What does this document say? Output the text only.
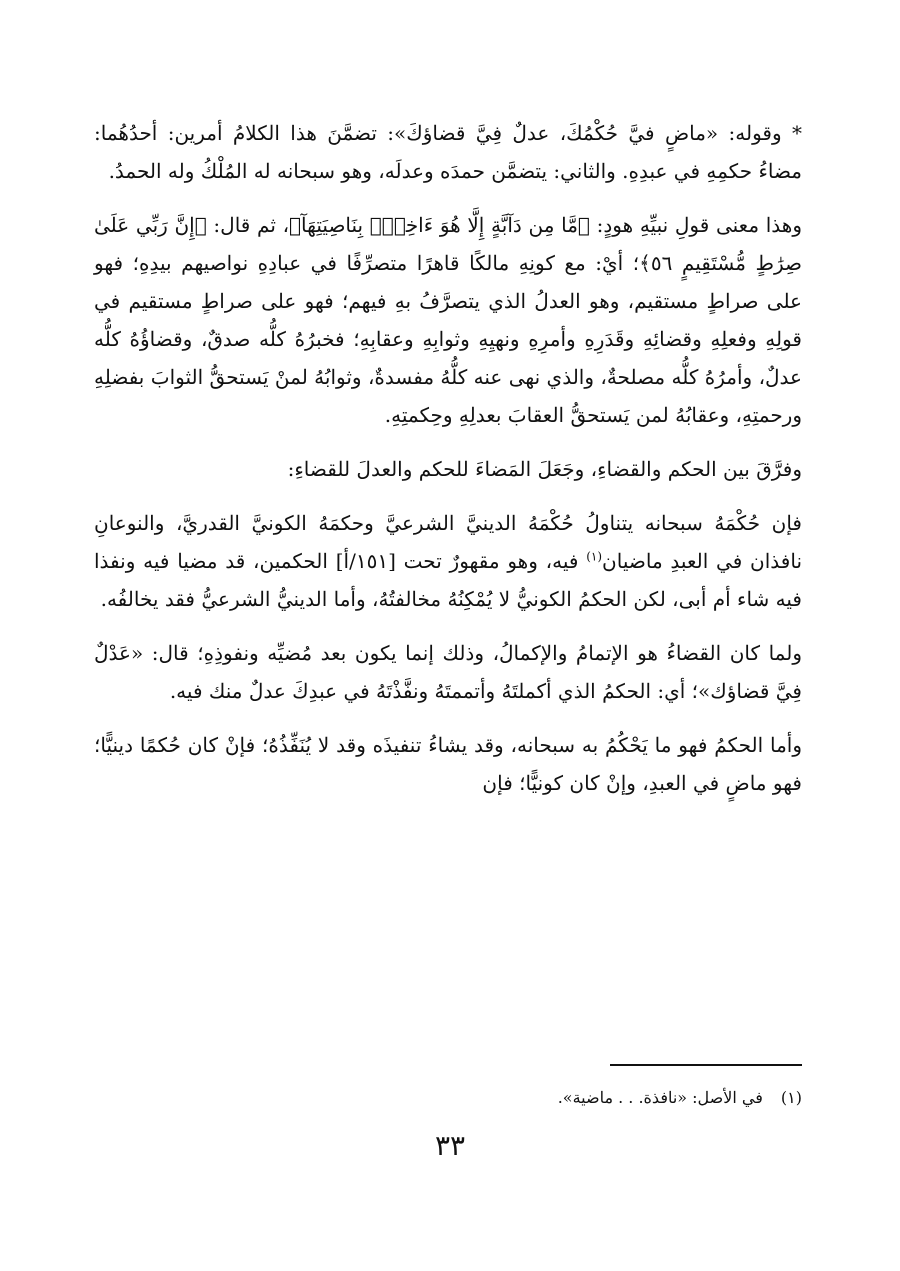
* وقوله: «ماضٍ فيَّ حُكْمُكَ، عدلٌ فِيَّ قضاؤكَ»: تضمَّنَ هذا الكلامُ أمرين: أحدُهُما: مضاءُ حكمِهِ في عبدِهِ. والثاني: يتضمَّن حمدَه وعدلَه، وهو سبحانه له المُلْكُ وله الحمدُ.

وهذا معنى قولِ نبيِّهِ هودٍ: ﴿مَّا مِن دَآبَّةٍ إِلَّا هُوَ ءَاخِذُۢ بِنَاصِيَتِهَآ﴾، ثم قال: ﴿إِنَّ رَبِّي عَلَىٰ صِرَٰطٍ مُّسْتَقِيمٍ ٥٦﴾؛ أيْ: مع كونِهِ مالكًا قاهرًا متصرِّفًا في عبادِهِ نواصيهم بيدِهِ؛ فهو على صراطٍ مستقيم، وهو العدلُ الذي يتصرَّفُ بهِ فيهم؛ فهو على صراطٍ مستقيم في قولِهِ وفعلِهِ وقضائِهِ وقَدَرِهِ وأمرِهِ ونهيِهِ وثوابِهِ وعقابِهِ؛ فخبرُهُ كلُّه صدقٌ، وقضاؤُهُ كلُّه عدلٌ، وأمرُهُ كلُّه مصلحةٌ، والذي نهى عنه كلُّهُ مفسدةٌ، وثوابُهُ لمنْ يَستحقُّ الثوابَ بفضلِهِ ورحمتِهِ، وعقابُهُ لمن يَستحقُّ العقابَ بعدلِهِ وحِكمتِهِ.

وفرَّقَ بين الحكم والقضاءِ، وجَعَلَ المَضاءَ للحكم والعدلَ للقضاءِ:

فإن حُكْمَهُ سبحانه يتناولُ حُكْمَهُ الدينيَّ الشرعيَّ وحكمَهُ الكونيَّ القدريَّ، والنوعانِ نافذان في العبدِ ماضيان$^{(١)}$ فيه، وهو مقهورٌ تحت [١٥١/أ] الحكمين، قد مضيا فيه ونفذا فيه شاء أم أبى، لكن الحكمُ الكونيُّ لا يُمْكِنُهُ مخالفتُهُ، وأما الدينيُّ الشرعيُّ فقد يخالفُه.

ولما كان القضاءُ هو الإتمامُ والإكمالُ، وذلك إنما يكون بعد مُضيِّه ونفوذِهِ؛ قال: «عَدْلٌ فِيَّ قضاؤك»؛ أي: الحكمُ الذي أكملتَهُ وأتممتَهُ ونفَّذْتَهُ في عبدِكَ عدلٌ منك فيه.

وأما الحكمُ فهو ما يَحْكُمُ به سبحانه، وقد يشاءُ تنفيذَه وقد لا يُنَفِّذُهُ؛ فإنْ كان حُكمًا دينيًّا؛ فهو ماضٍ في العبدِ، وإنْ كان كونيًّا؛ فإن

(١)في الأصل: «نافذة. . . ماضية».
٣٣
